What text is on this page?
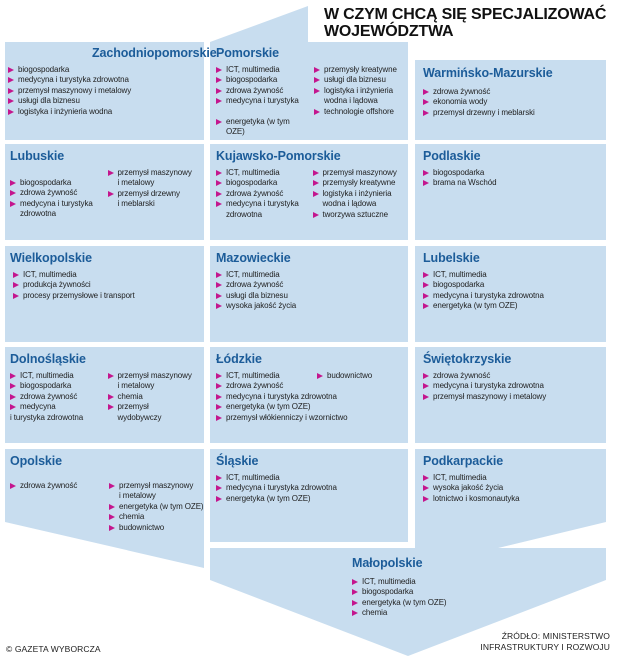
W CZYM CHCĄ SIĘ SPECJALIZOWAĆ
WOJEWÓDZTWA
Zachodniopomorskie
biogospodarka
medycyna i turystyka zdrowotna
przemysł maszynowy i metalowy
usługi dla biznesu
logistyka i inżynieria wodna
Pomorskie
ICT, multimedia
biogospodarka
zdrowa żywność
medycyna i turystyka
energetyka (w tym OZE)
przemysły kreatywne
usługi dla biznesu
logistyka i inżynieria
wodna i lądowa
technologie offshore
Warmińsko-Mazurskie
zdrowa żywność
ekonomia wody
przemysł drzewny i meblarski
Lubuskie
biogospodarka
zdrowa żywność
medycyna i turystyka
zdrowotna
przemysł maszynowy
i metalowy
przemysł drzewny
i meblarski
Kujawsko-Pomorskie
ICT, multimedia
biogospodarka
zdrowa żywność
medycyna i turystyka
zdrowotna
przemysł maszynowy
przemysły kreatywne
logistyka i inżynieria
wodna i lądowa
tworzywa sztuczne
Podlaskie
biogospodarka
brama na Wschód
Wielkopolskie
ICT, multimedia
produkcja żywności
procesy przemysłowe i transport
Mazowieckie
ICT, multimedia
zdrowa żywność
usługi dla biznesu
wysoka jakość życia
Lubelskie
ICT, multimedia
biogospodarka
medycyna i turystyka zdrowotna
energetyka (w tym OZE)
Dolnośląskie
ICT, multimedia
biogospodarka
zdrowa żywność
medycyna
i turystyka zdrowotna
przemysł maszynowy
i metalowy
chemia
przemysł
wydobywczy
Łódzkie
ICT, multimedia
zdrowa żywność
medycyna i turystyka zdrowotna
energetyka (w tym OZE)
przemysł włókienniczy i wzornictwo
budownictwo
Świętokrzyskie
zdrowa żywność
medycyna i turystyka zdrowotna
przemysł maszynowy i metalowy
Opolskie
zdrowa żywność	przemysł maszynowy
i metalowy
energetyka (w tym OZE)
chemia
budownictwo
Śląskie
ICT, multimedia
medycyna i turystyka zdrowotna
energetyka (w tym OZE)
Podkarpackie
ICT, multimedia
wysoka jakość życia
lotnictwo i kosmonautyka
Małopolskie
ICT, multimedia
biogospodarka
energetyka (w tym OZE)
chemia
© GAZETA WYBORCZA
ŹRÓDŁO: MINISTERSTWO
INFRASTRUKTURY I ROZWOJU
